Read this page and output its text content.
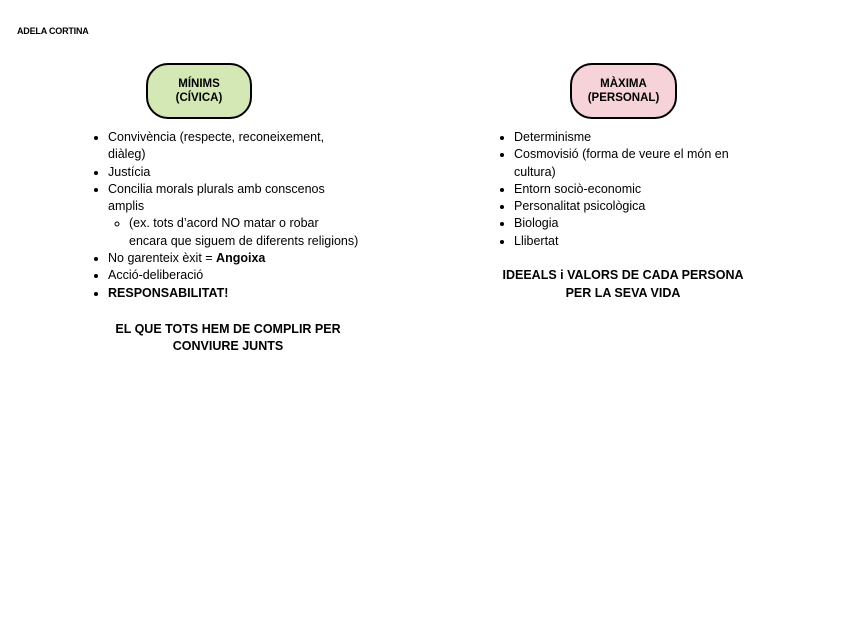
ADELA CORTINA
MÍNIMS
(CÍVICA)
MÀXIMA
(PERSONAL)
• Convivència (respecte, reconeixement, diàleg)
• Justícia
• Concilia morals plurals amb conscenos amplis
◦ (ex. tots d’acord NO matar o robar encara que siguem de diferents religions)
• No garenteix èxit = Angoixa
• Acció-deliberació
• RESPONSABILITAT!
EL QUE TOTS HEM DE COMPLIR PER CONVIURE JUNTS
• Determinisme
• Cosmovisió (forma de veure el món en cultura)
• Entorn sociò-economic
• Personalitat psicològica
• Biologia
• Llibertat
IDEEALS i VALORS DE CADA PERSONA PER LA SEVA VIDA
